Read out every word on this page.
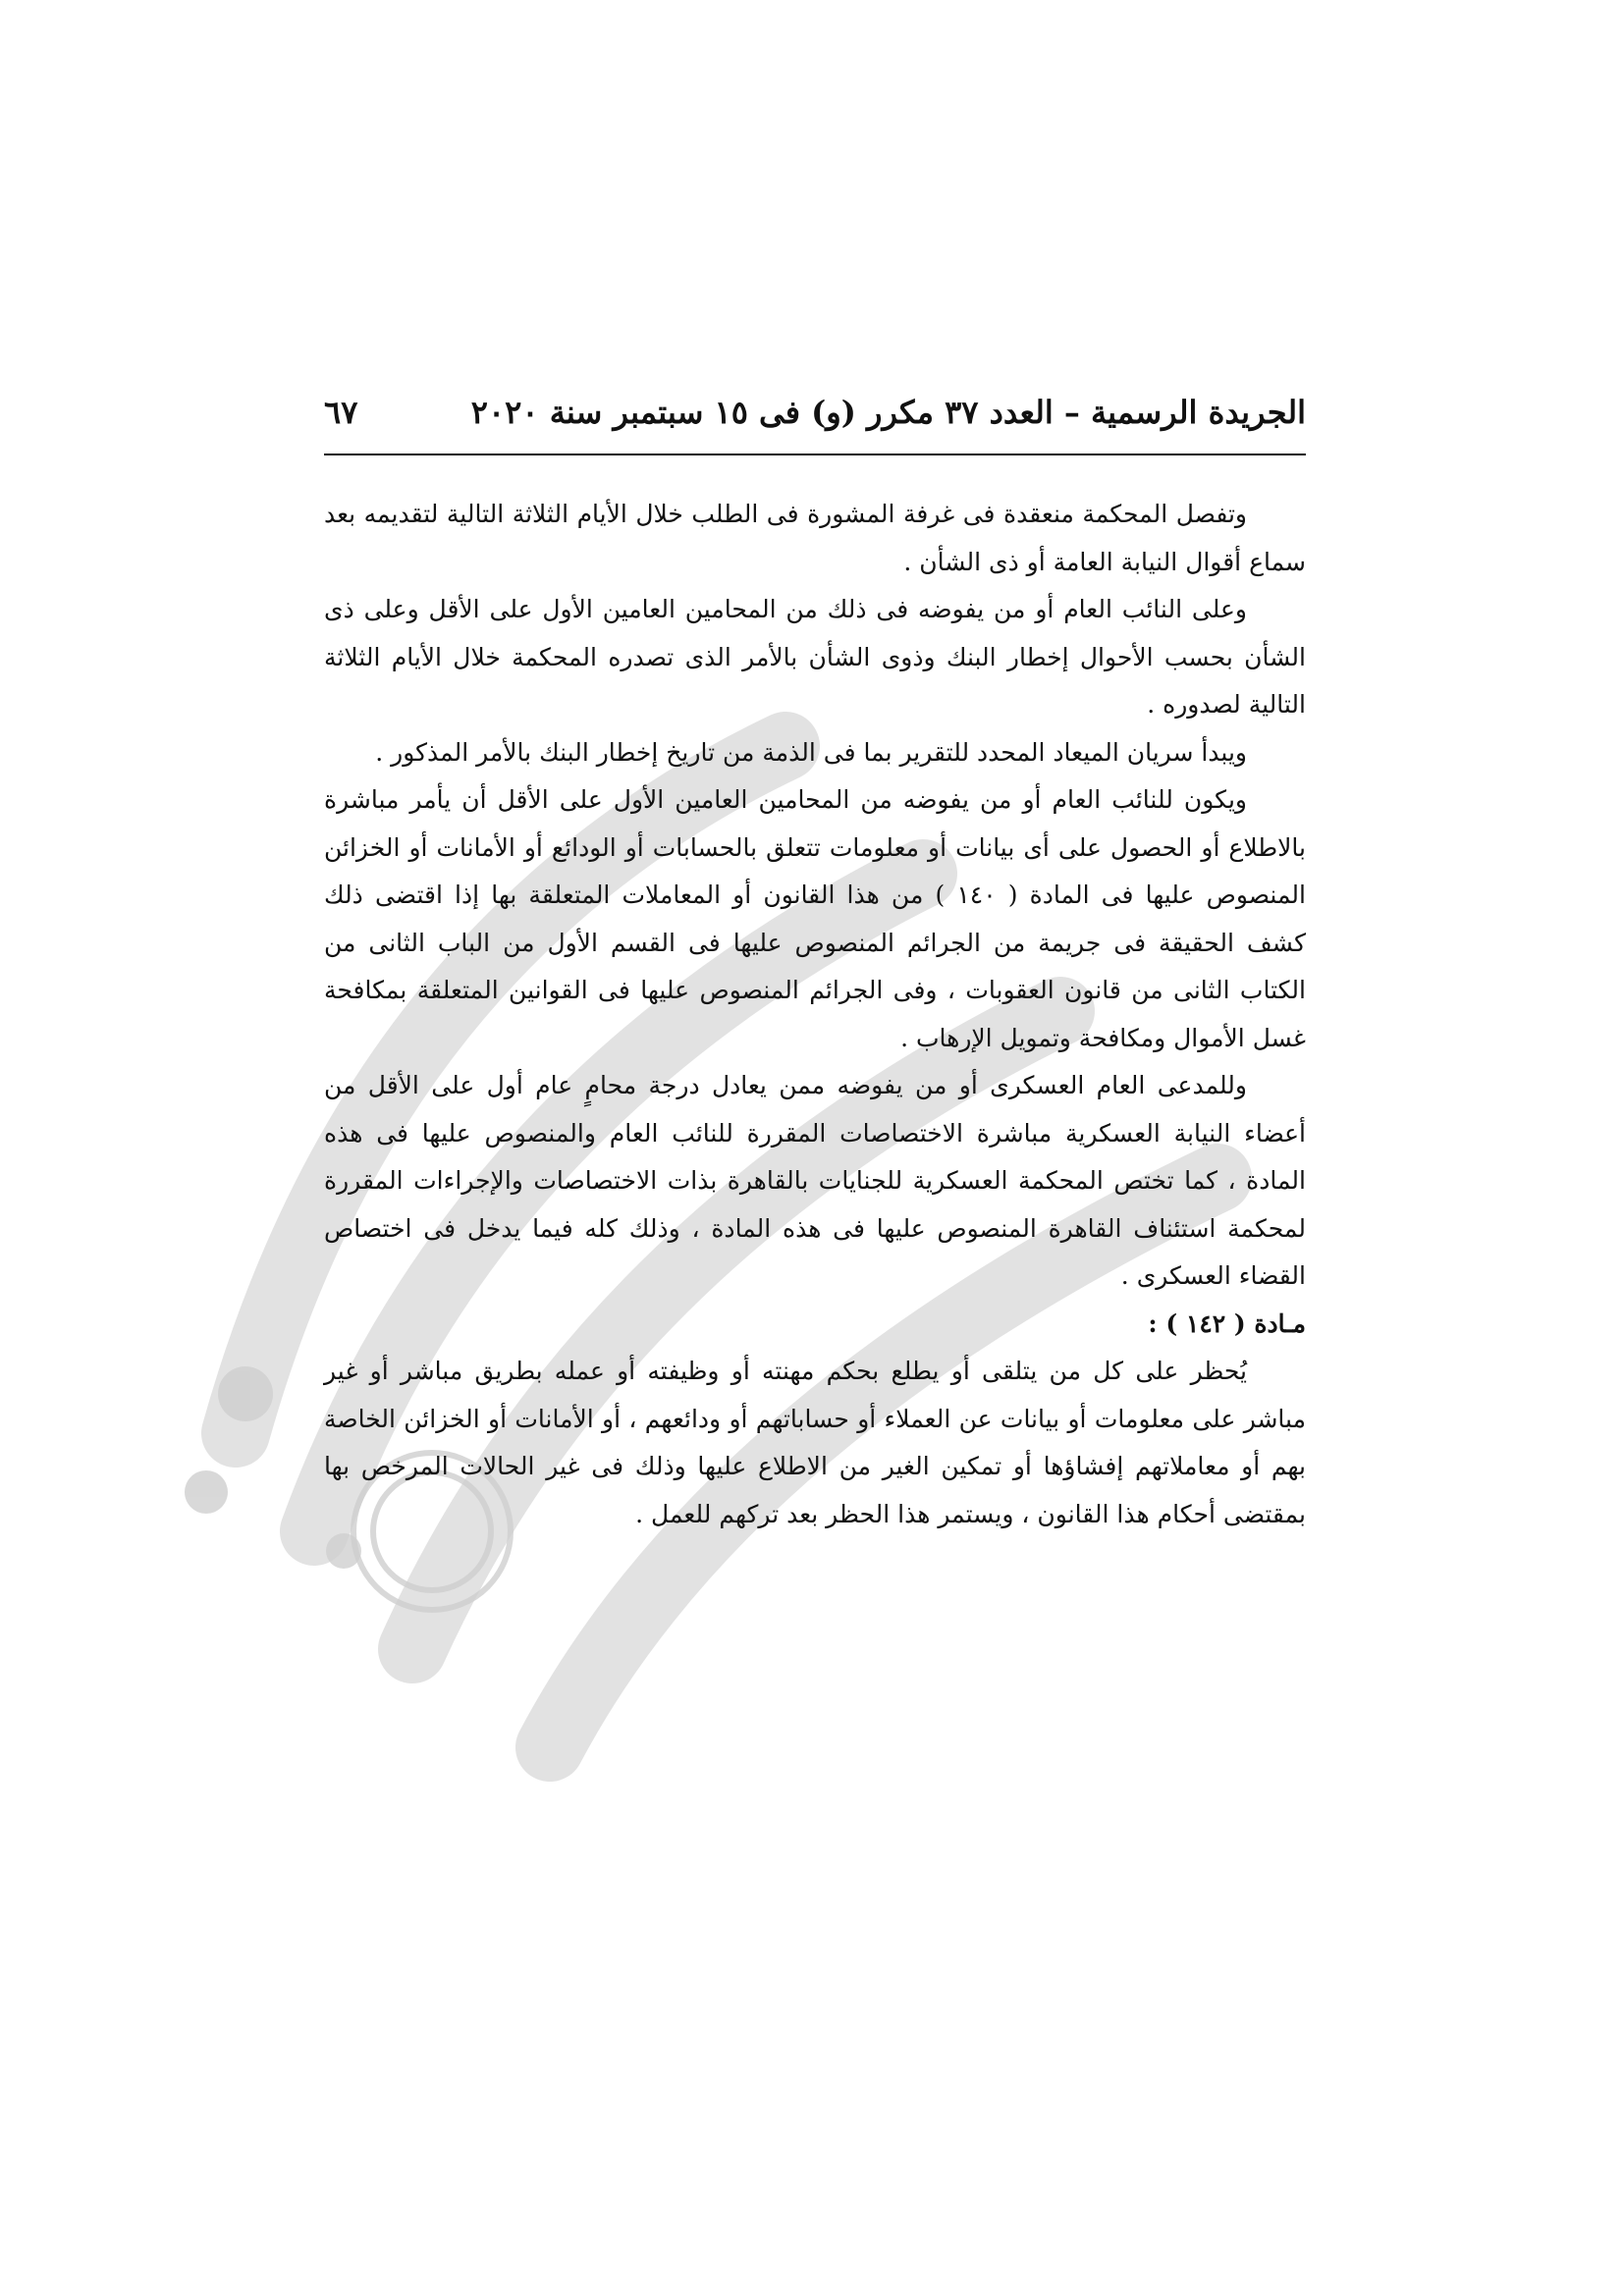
الجريدة الرسمية – العدد ٣٧ مكرر (و) فى ١٥ سبتمبر سنة ٢٠٢٠
٦٧

وتفصل المحكمة منعقدة فى غرفة المشورة فى الطلب خلال الأيام الثلاثة التالية لتقديمه بعد سماع أقوال النيابة العامة أو ذى الشأن .

وعلى النائب العام أو من يفوضه فى ذلك من المحامين العامين الأول على الأقل وعلى ذى الشأن بحسب الأحوال إخطار البنك وذوى الشأن بالأمر الذى تصدره المحكمة خلال الأيام الثلاثة التالية لصدوره .

ويبدأ سريان الميعاد المحدد للتقرير بما فى الذمة من تاريخ إخطار البنك بالأمر المذكور .

ويكون للنائب العام أو من يفوضه من المحامين العامين الأول على الأقل أن يأمر مباشرة بالاطلاع أو الحصول على أى بيانات أو معلومات تتعلق بالحسابات أو الودائع أو الأمانات أو الخزائن المنصوص عليها فى المادة ( ١٤٠ ) من هذا القانون أو المعاملات المتعلقة بها إذا اقتضى ذلك كشف الحقيقة فى جريمة من الجرائم المنصوص عليها فى القسم الأول من الباب الثانى من الكتاب الثانى من قانون العقوبات ، وفى الجرائم المنصوص عليها فى القوانين المتعلقة بمكافحة غسل الأموال ومكافحة وتمويل الإرهاب .

وللمدعى العام العسكرى أو من يفوضه ممن يعادل درجة محامٍ عام أول على الأقل من أعضاء النيابة العسكرية مباشرة الاختصاصات المقررة للنائب العام والمنصوص عليها فى هذه المادة ، كما تختص المحكمة العسكرية للجنايات بالقاهرة بذات الاختصاصات والإجراءات المقررة لمحكمة استئناف القاهرة المنصوص عليها فى هذه المادة ، وذلك كله فيما يدخل فى اختصاص القضاء العسكرى .

مـادة ( ١٤٢ ) :

يُحظر على كل من يتلقى أو يطلع بحكم مهنته أو وظيفته أو عمله بطريق مباشر أو غير مباشر على معلومات أو بيانات عن العملاء أو حساباتهم أو ودائعهم ، أو الأمانات أو الخزائن الخاصة بهم أو معاملاتهم إفشاؤها أو تمكين الغير من الاطلاع عليها وذلك فى غير الحالات المرخص بها بمقتضى أحكام هذا القانون ، ويستمر هذا الحظر بعد تركهم للعمل .
